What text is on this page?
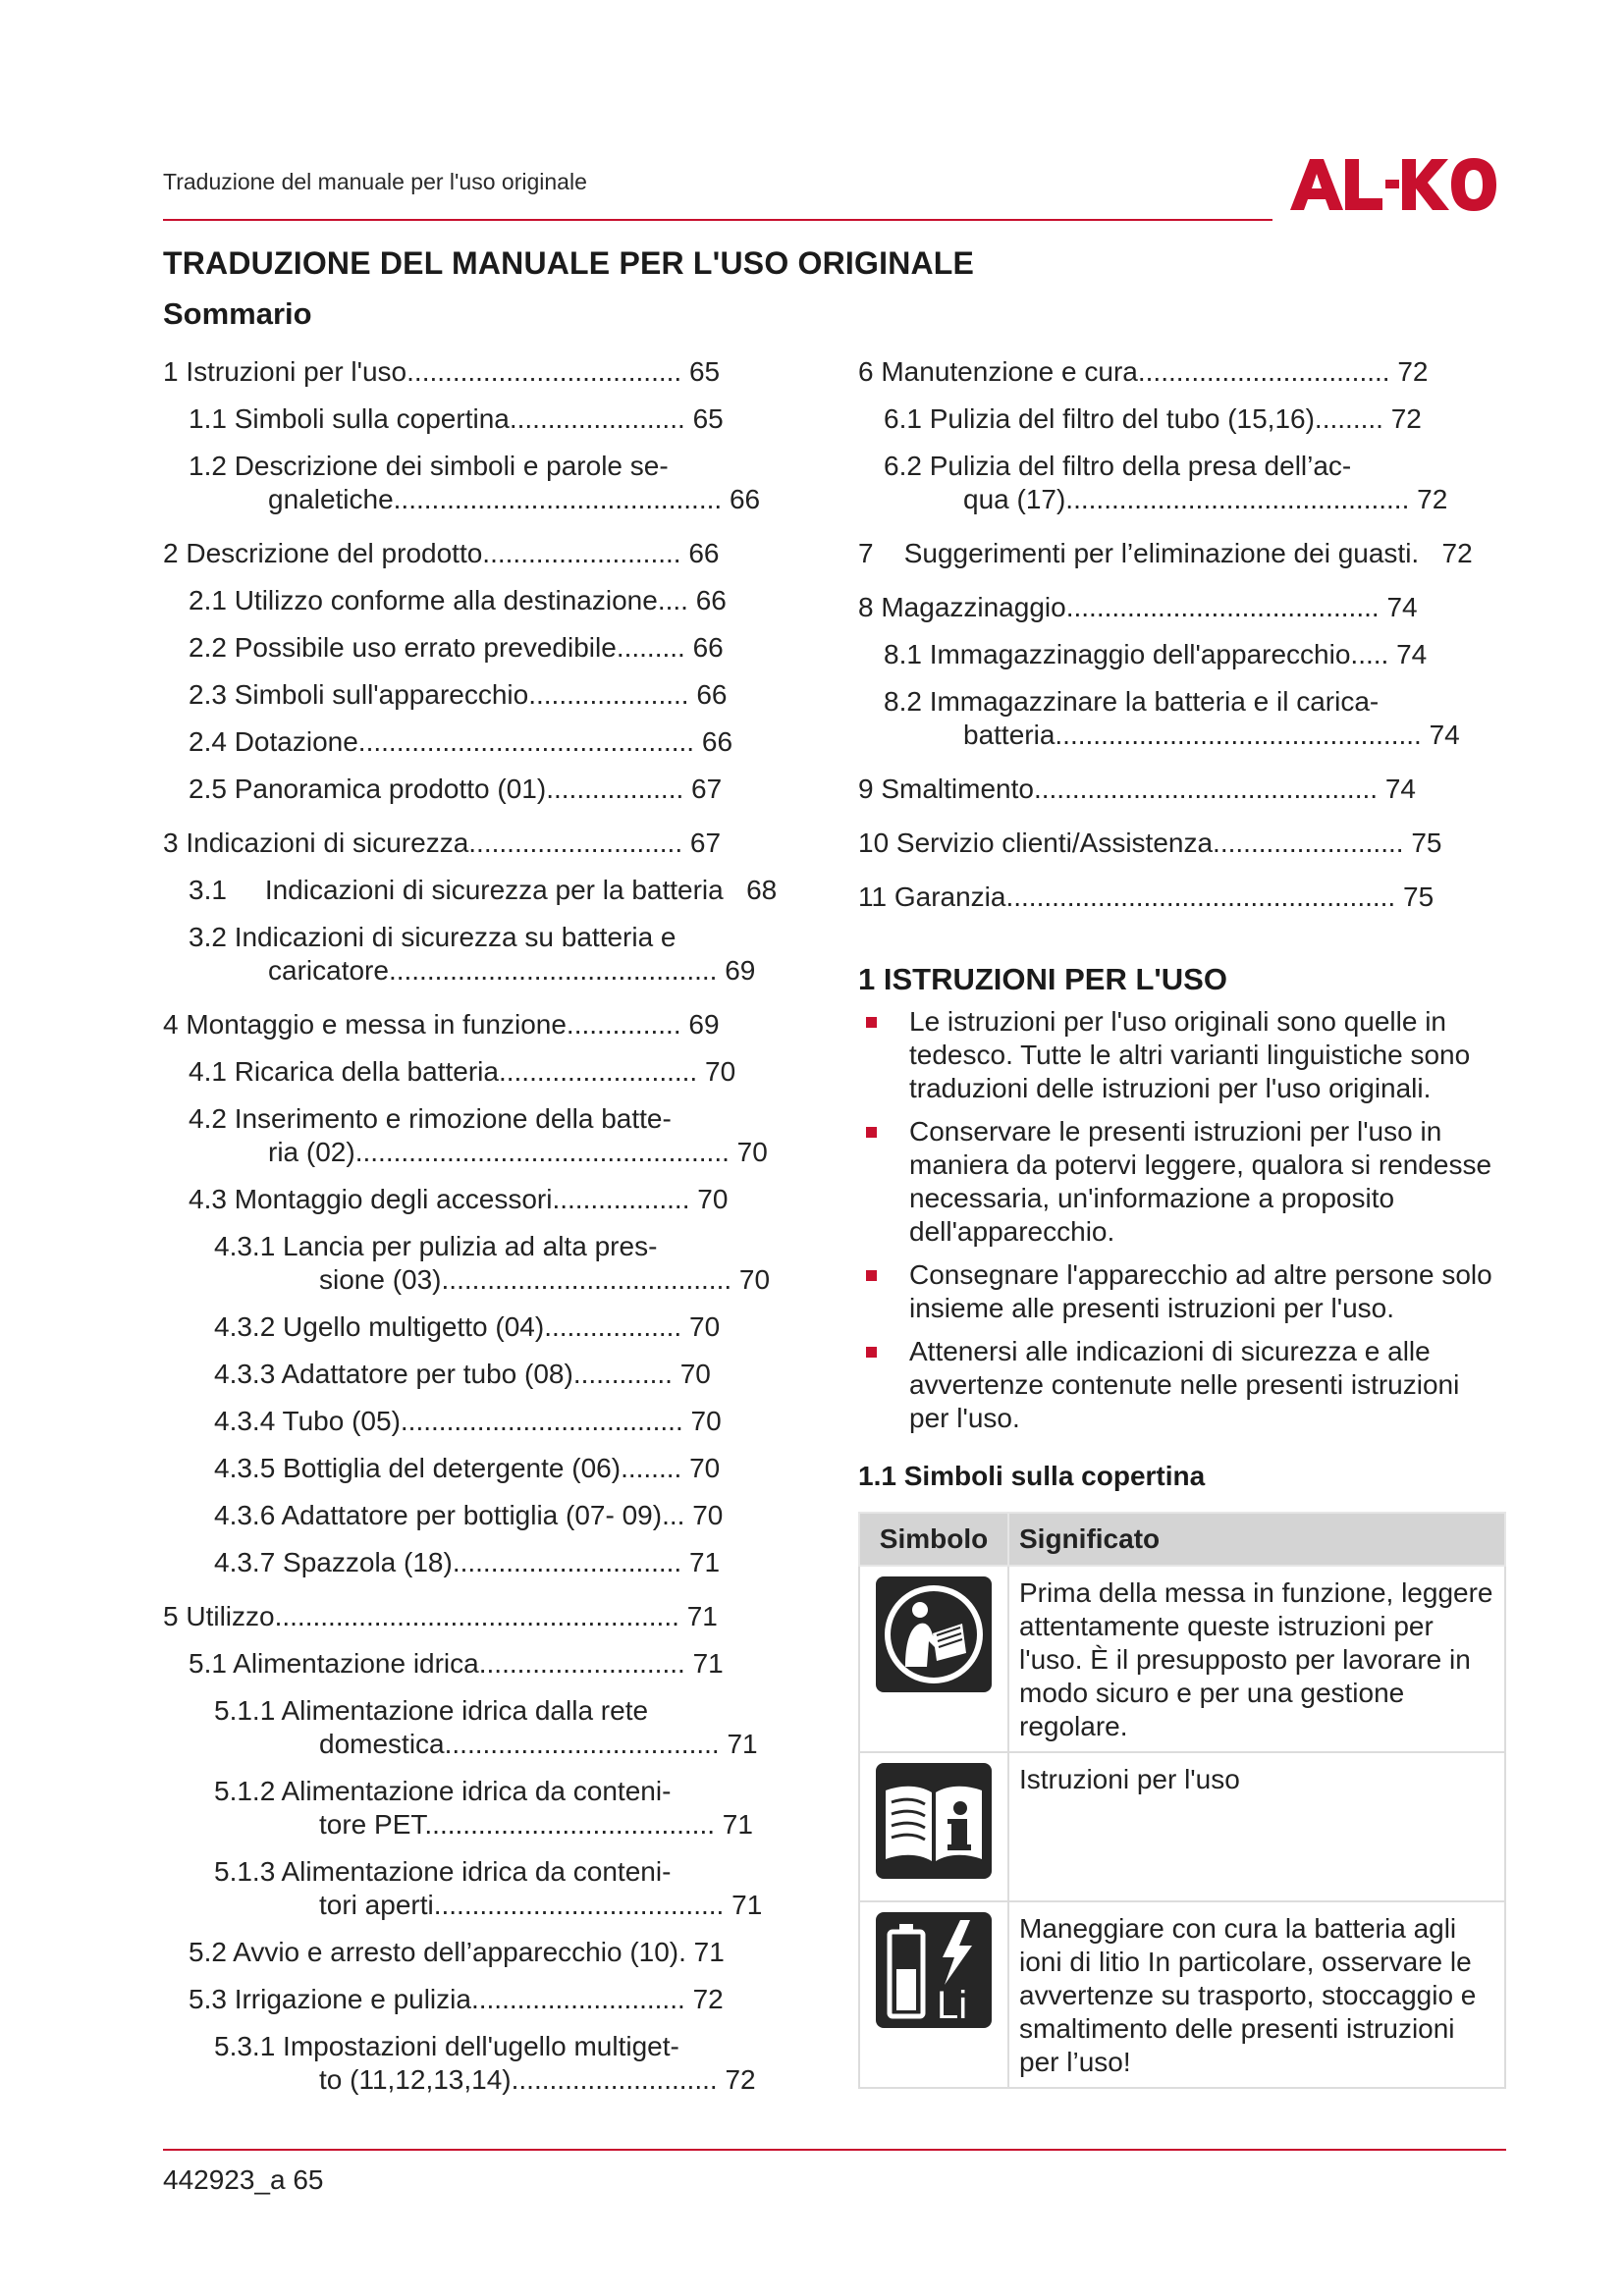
Traduzione del manuale per l'uso originale
TRADUZIONE DEL MANUALE PER L'USO ORIGINALE
Sommario
1 Istruzioni per l'uso.................................... 65
1.1 Simboli sulla copertina....................... 65
1.2 Descrizione dei simboli e parole se-
gnaletiche........................................... 66
2 Descrizione del prodotto.......................... 66
2.1 Utilizzo conforme alla destinazione.... 66
2.2 Possibile uso errato prevedibile......... 66
2.3 Simboli sull'apparecchio..................... 66
2.4 Dotazione............................................ 66
2.5 Panoramica prodotto (01).................. 67
3 Indicazioni di sicurezza............................ 67
3.1     Indicazioni di sicurezza per la batteria 68
3.2 Indicazioni di sicurezza su batteria e
caricatore........................................... 69
4 Montaggio e messa in funzione............... 69
4.1 Ricarica della batteria.......................... 70
4.2 Inserimento e rimozione della batte-
ria (02)................................................. 70
4.3 Montaggio degli accessori.................. 70
4.3.1 Lancia per pulizia ad alta pres-
sione (03)...................................... 70
4.3.2 Ugello multigetto (04).................. 70
4.3.3 Adattatore per tubo (08)............. 70
4.3.4 Tubo (05)..................................... 70
4.3.5 Bottiglia del detergente (06)........ 70
4.3.6 Adattatore per bottiglia (07- 09)... 70
4.3.7 Spazzola (18).............................. 71
5 Utilizzo..................................................... 71
5.1 Alimentazione idrica........................... 71
5.1.1 Alimentazione idrica dalla rete
domestica.................................... 71
5.1.2 Alimentazione idrica da conteni-
tore PET...................................... 71
5.1.3 Alimentazione idrica da conteni-
tori aperti...................................... 71
5.2 Avvio e arresto dell’apparecchio (10). 71
5.3 Irrigazione e pulizia............................ 72
5.3.1 Impostazioni dell'ugello multiget-
to (11,12,13,14)........................... 72
6 Manutenzione e cura................................. 72
6.1 Pulizia del filtro del tubo (15,16)......... 72
6.2 Pulizia del filtro della presa dell’ac-
qua (17)............................................. 72
7    Suggerimenti per l’eliminazione dei guasti. 72
8 Magazzinaggio......................................... 74
8.1 Immagazzinaggio dell'apparecchio..... 74
8.2 Immagazzinare la batteria e il carica-
batteria................................................ 74
9 Smaltimento............................................. 74
10 Servizio clienti/Assistenza......................... 75
11 Garanzia................................................... 75
1 ISTRUZIONI PER L'USO
Le istruzioni per l'uso originali sono quelle in tedesco. Tutte le altri varianti linguistiche sono traduzioni delle istruzioni per l'uso originali.
Conservare le presenti istruzioni per l'uso in maniera da potervi leggere, qualora si rendesse necessaria, un'informazione a proposito dell'apparecchio.
Consegnare l'apparecchio ad altre persone solo insieme alle presenti istruzioni per l'uso.
Attenersi alle indicazioni di sicurezza e alle avvertenze contenute nelle presenti istruzioni per l'uso.
1.1 Simboli sulla copertina
Simbolo	Significato

	Prima della messa in funzione, leggere attentamente queste istruzioni per l'uso. È il presupposto per lavorare in modo sicuro e per una gestione regolare.

	Istruzioni per l'uso

Li	Maneggiare con cura la batteria agli ioni di litio In particolare, osservare le avvertenze su trasporto, stoccaggio e smaltimento delle presenti istruzioni per l’uso!
442923_a 65
